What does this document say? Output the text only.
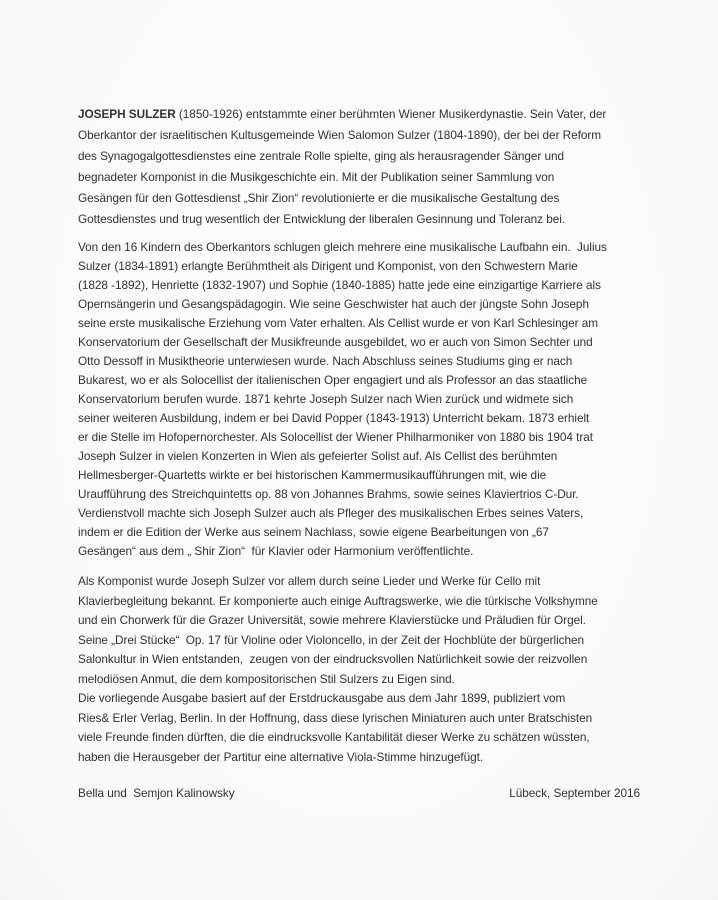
JOSEPH SULZER (1850-1926) entstammte einer berühmten Wiener Musikerdynastie. Sein Vater, der
Oberkantor der israelitischen Kultusgemeinde Wien Salomon Sulzer (1804-1890), der bei der Reform
des Synagogalgottesdienstes eine zentrale Rolle spielte, ging als herausragender Sänger und
begnadeter Komponist in die Musikgeschichte ein. Mit der Publikation seiner Sammlung von
Gesängen für den Gottesdienst „Shir Zion“ revolutionierte er die musikalische Gestaltung des
Gottesdienstes und trug wesentlich der Entwicklung der liberalen Gesinnung und Toleranz bei.
Von den 16 Kindern des Oberkantors schlugen gleich mehrere eine musikalische Laufbahn ein.  Julius
Sulzer (1834-1891) erlangte Berühmtheit als Dirigent und Komponist, von den Schwestern Marie
(1828 -1892), Henriette (1832-1907) und Sophie (1840-1885) hatte jede eine einzigartige Karriere als
Opernsängerin und Gesangspädagogin. Wie seine Geschwister hat auch der jüngste Sohn Joseph
seine erste musikalische Erziehung vom Vater erhalten. Als Cellist wurde er von Karl Schlesinger am
Konservatorium der Gesellschaft der Musikfreunde ausgebildet, wo er auch von Simon Sechter und
Otto Dessoff in Musiktheorie unterwiesen wurde. Nach Abschluss seines Studiums ging er nach
Bukarest, wo er als Solocellist der italienischen Oper engagiert und als Professor an das staatliche
Konservatorium berufen wurde. 1871 kehrte Joseph Sulzer nach Wien zurück und widmete sich
seiner weiteren Ausbildung, indem er bei David Popper (1843-1913) Unterricht bekam. 1873 erhielt
er die Stelle im Hofopernorchester. Als Solocellist der Wiener Philharmoniker von 1880 bis 1904 trat
Joseph Sulzer in vielen Konzerten in Wien als gefeierter Solist auf. Als Cellist des berühmten
Hellmesberger-Quartetts wirkte er bei historischen Kammermusikaufführungen mit, wie die
Uraufführung des Streichquintetts op. 88 von Johannes Brahms, sowie seines Klaviertrios C-Dur.
Verdienstvoll machte sich Joseph Sulzer auch als Pfleger des musikalischen Erbes seines Vaters,
indem er die Edition der Werke aus seinem Nachlass, sowie eigene Bearbeitungen von „67
Gesängen“ aus dem „ Shir Zion“  für Klavier oder Harmonium veröffentlichte.
Als Komponist wurde Joseph Sulzer vor allem durch seine Lieder und Werke für Cello mit
Klavierbegleitung bekannt. Er komponierte auch einige Auftragswerke, wie die türkische Volkshymne
und ein Chorwerk für die Grazer Universität, sowie mehrere Klavierstücke und Präludien für Orgel.
Seine „Drei Stücke“  Op. 17 für Violine oder Violoncello, in der Zeit der Hochblüte der bürgerlichen
Salonkultur in Wien entstanden,  zeugen von der eindrucksvollen Natürlichkeit sowie der reizvollen
melodiösen Anmut, die dem kompositorischen Stil Sulzers zu Eigen sind.
Die vorliegende Ausgabe basiert auf der Erstdruckausgabe aus dem Jahr 1899, publiziert vom
Ries& Erler Verlag, Berlin. In der Hoffnung, dass diese lyrischen Miniaturen auch unter Bratschisten
viele Freunde finden dürften, die die eindrucksvolle Kantabilität dieser Werke zu schätzen wüssten,
haben die Herausgeber der Partitur eine alternative Viola-Stimme hinzugefügt.
Bella und  Semjon Kalinowsky	Lübeck, September 2016
